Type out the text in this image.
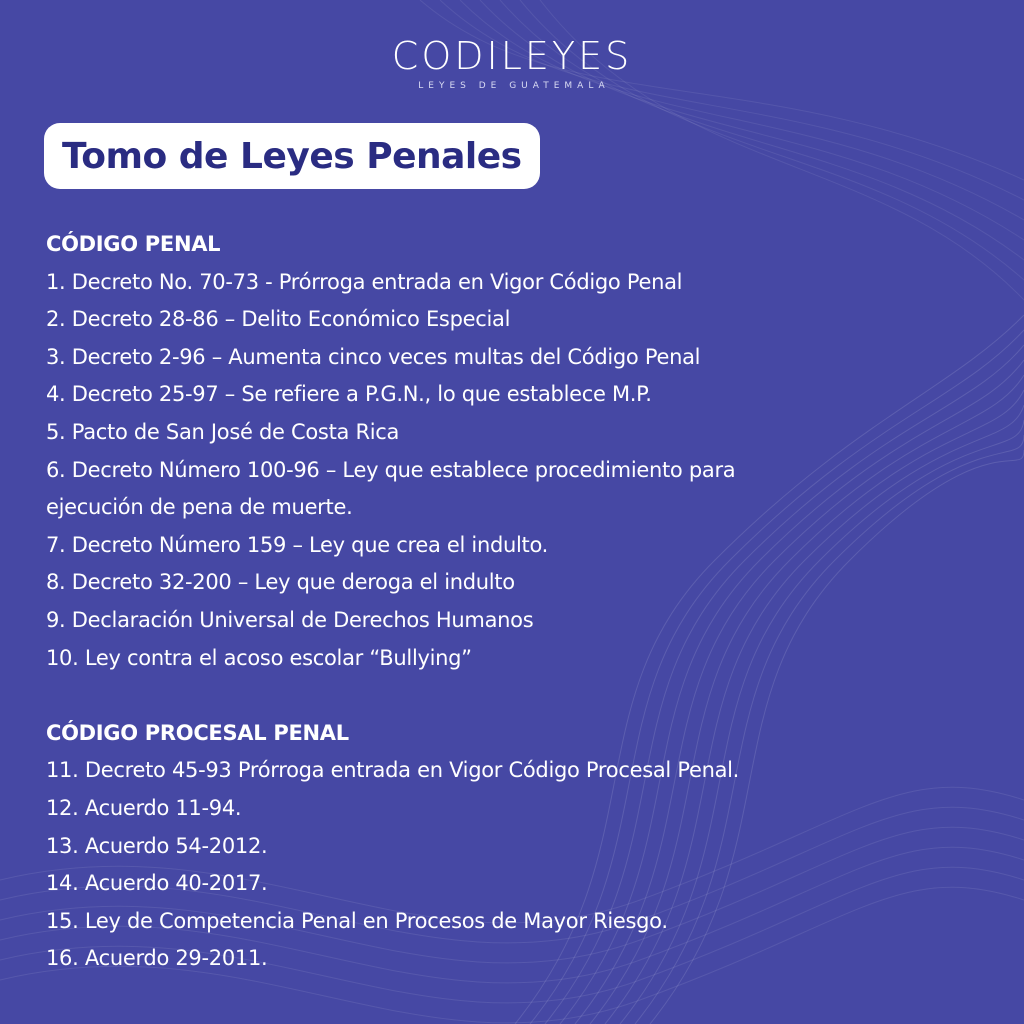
CODILEYES
LEYES DE GUATEMALA
Tomo de Leyes Penales
CÓDIGO PENAL
1. Decreto No. 70-73 - Prórroga entrada en Vigor Código Penal
2. Decreto 28-86 – Delito Económico Especial
3. Decreto 2-96 – Aumenta cinco veces multas del Código Penal
4. Decreto 25-97 – Se refiere a P.G.N., lo que establece M.P.
5. Pacto de San José de Costa Rica
6. Decreto Número 100-96 – Ley que establece procedimiento para
ejecución de pena de muerte.
7. Decreto Número 159 – Ley que crea el indulto.
8. Decreto 32-200 – Ley que deroga el indulto
9. Declaración Universal de Derechos Humanos
10. Ley contra el acoso escolar “Bullying”
CÓDIGO PROCESAL PENAL
11. Decreto 45-93 Prórroga entrada en Vigor Código Procesal Penal.
12. Acuerdo 11-94.
13. Acuerdo 54-2012.
14. Acuerdo 40-2017.
15. Ley de Competencia Penal en Procesos de Mayor Riesgo.
16. Acuerdo 29-2011.
